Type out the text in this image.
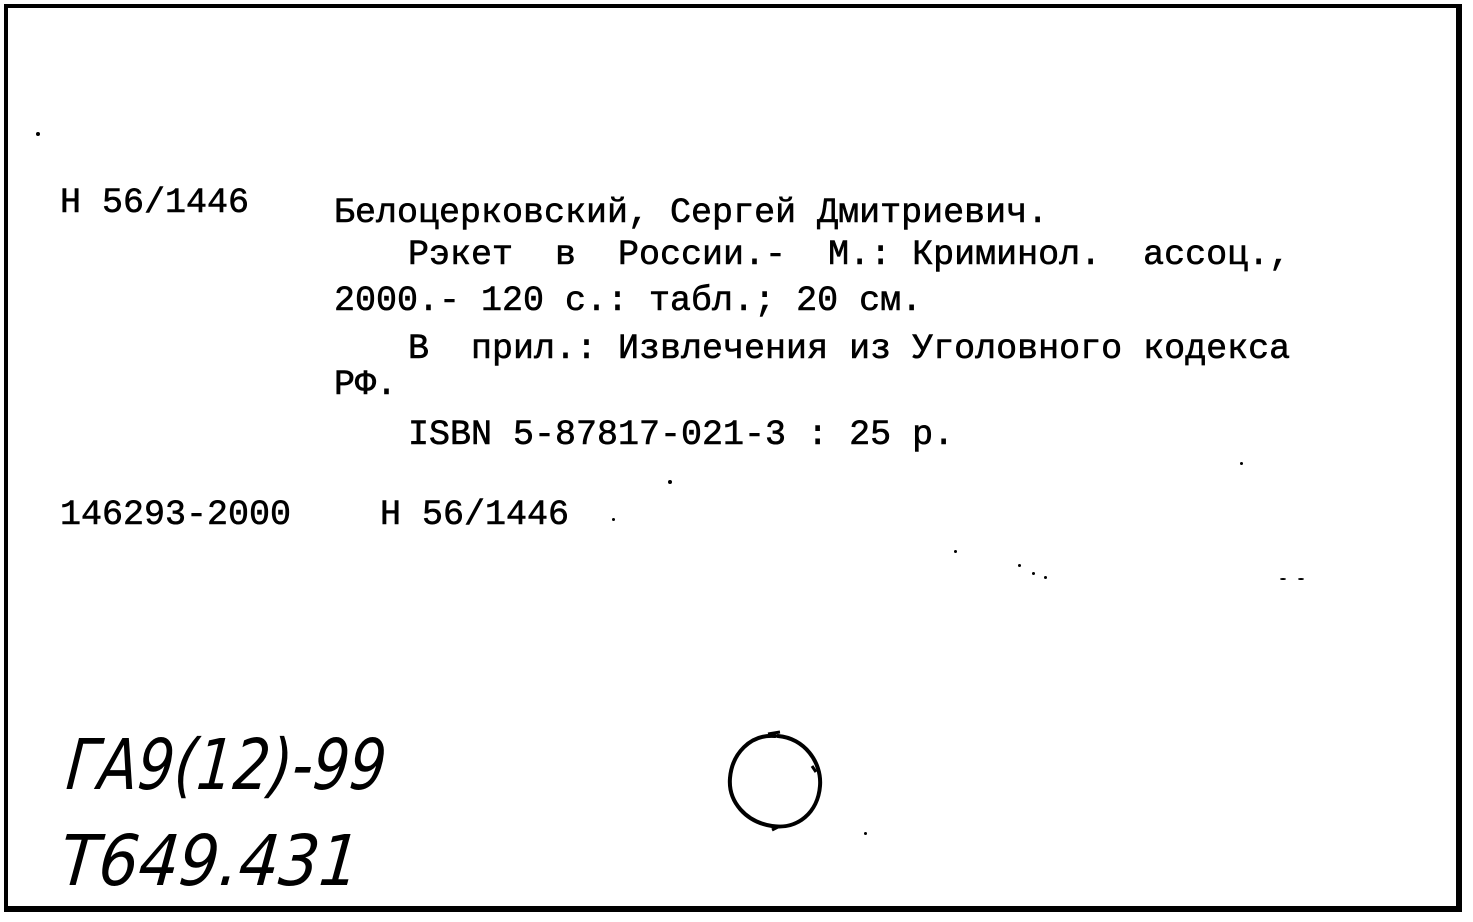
Н 56/1446 Белоцерковский, Сергей Дмитриевич.
Рэкет  в  России.-  М.: Криминол.  ассоц.,
2000.- 120 с.: табл.; 20 см.
В  прил.: Извлечения из Уголовного кодекса
РФ.
ISBN 5-87817-021-3 : 25 р.
146293-2000	Н 56/1446
ГА9(12)-99
Т649.431
